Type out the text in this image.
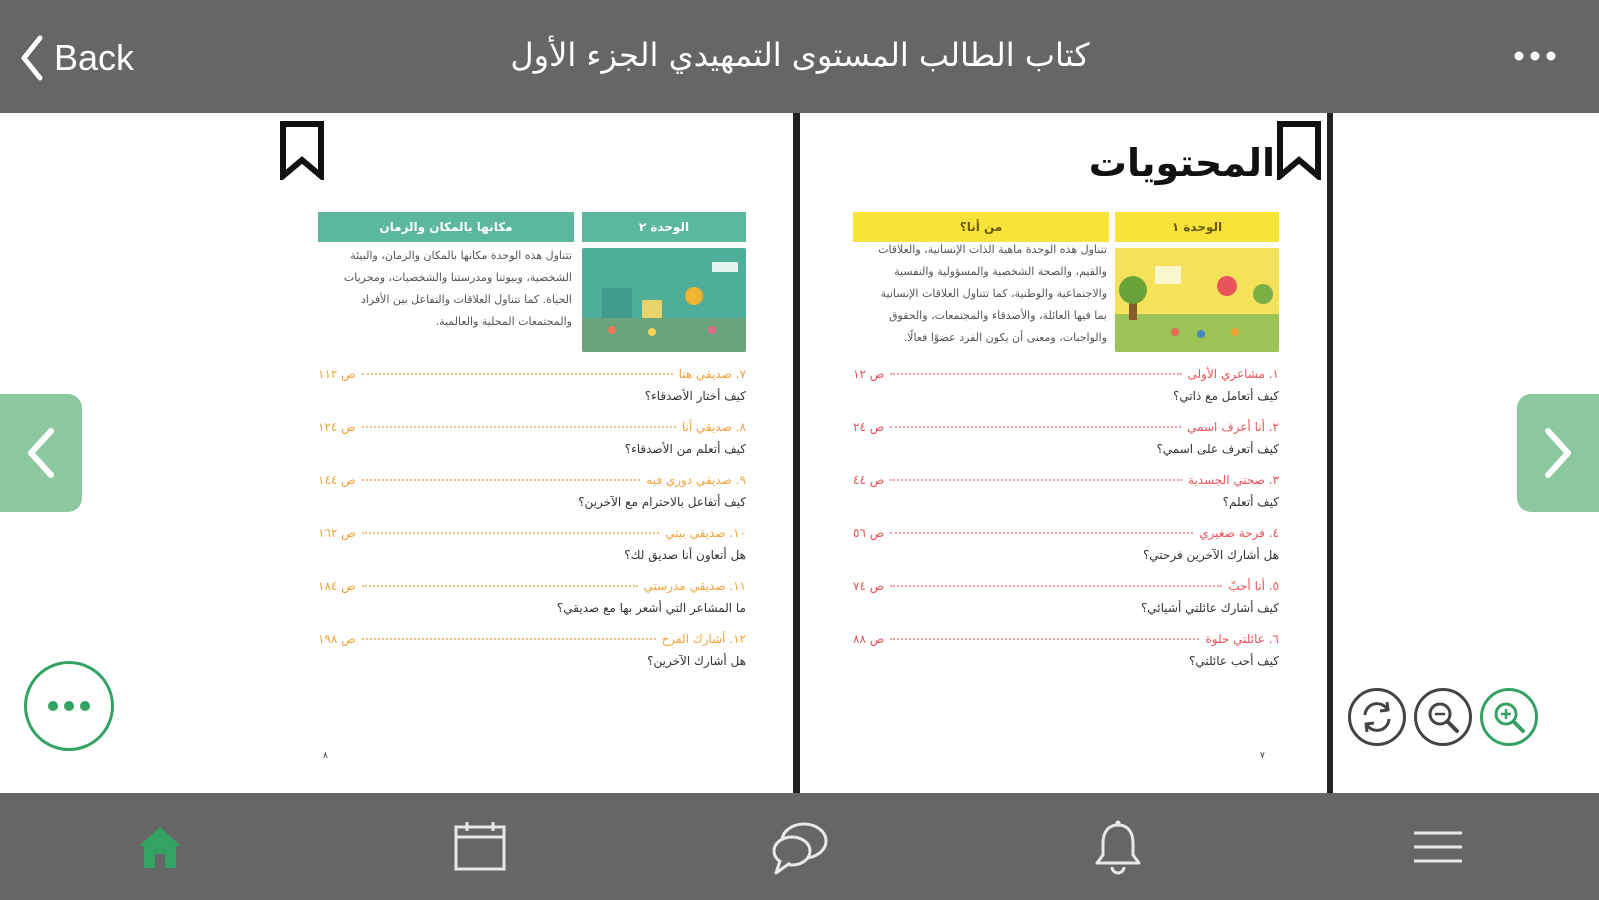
Back	كتاب الطالب المستوى التمهيدي الجزء الأول
الوحدة ٢
مكانها بالمكان والزمان
تتناول هذه الوحدة مكانها بالمكان والزمان، والبيئة
الشخصية، وبيوتنا ومدرستنا والشخصيات، ومجريات
الحياة. كما تتناول العلاقات والتفاعل بين الأفراد
والمجتمعات المحلية والعالمية.
٧. صديقي هنا
ص ١١٢
كيف أختار الأصدقاء؟
٨. صديقي أنا
ص ١٢٤
كيف أتعلم من الأصدقاء؟
٩. صديقي دوري فيه
ص ١٤٤
كيف أتفاعل بالاحترام مع الآخرين؟
١٠. صديقي بيتي
ص ١٦٢
هل أتعاون أنا صديق لك؟
١١. صديقي مدرستي
ص ١٨٤
ما المشاعر التي أشعر بها مع صديقي؟
١٢. أشارك الفرح
ص ١٩٨
هل أشارك الآخرين؟
٨
المحتويات
الوحدة ١
من أنا؟
تتناول هذه الوحدة ماهية الذات الإنسانية، والعلاقات
والقيم، والصحة الشخصية والمسؤولية والنفسية
والاجتماعية والوطنية، كما تتناول العلاقات الإنسانية
بما فيها العائلة، والأصدقاء والمجتمعات، والحقوق
والواجبات، ومعنى أن يكون الفرد عضوًا فعالًا.
١. مشاعري الأولى
ص ١٢
كيف أتعامل مع ذاتي؟
٢. أنا أعرف اسمي
ص ٢٤
كيف أتعرف على اسمي؟
٣. صحتي الجسدية
ص ٤٤
كيف أتعلم؟
٤. فرحة صغيري
ص ٥٦
هل أشارك الآخرين فرحتي؟
٥. أنا أحبّ
ص ٧٤
كيف أشارك عائلتي أشيائي؟
٦. عائلتي حلوة
ص ٨٨
كيف أحب عائلتي؟
٧
